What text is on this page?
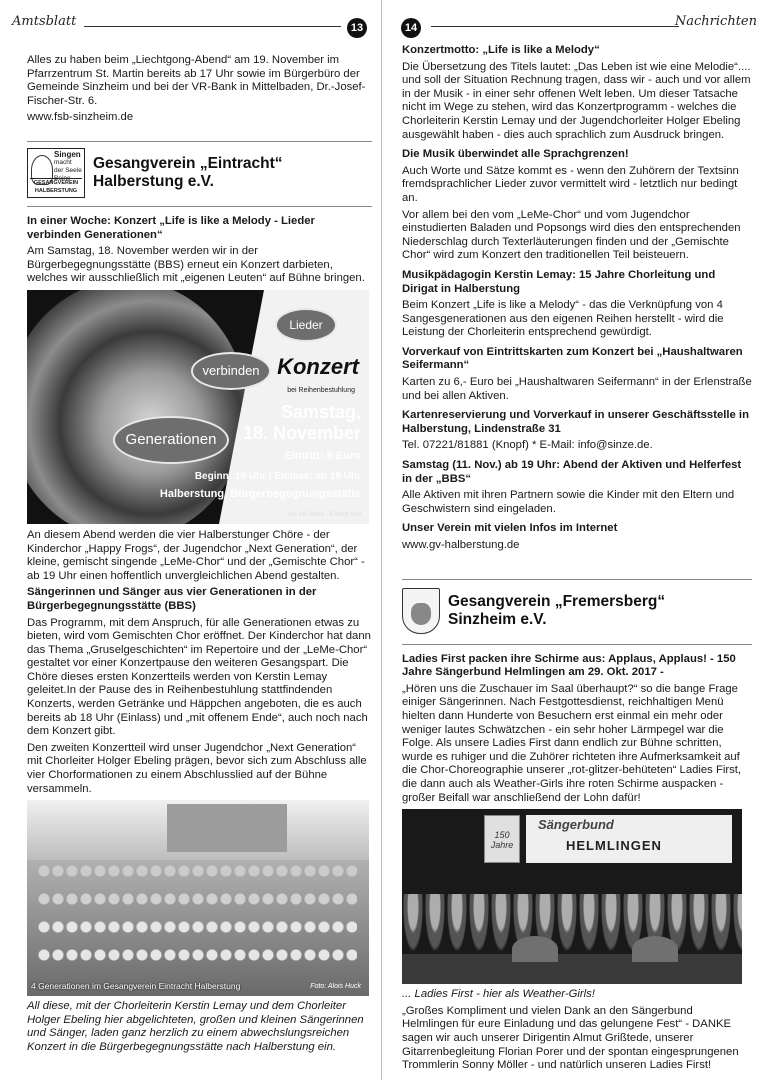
Amtsblatt	13

Alles zu haben beim „Liechtgong-Abend“ am 19. November im Pfarrzentrum St. Martin bereits ab 17 Uhr sowie im Bürgerbüro der Gemeinde Sinzheim und bei der VR-Bank in Mittelbaden, Dr.-Josef-Fischer-Str. 6.

www.fsb-sinzheim.de

Singen
macht der Seele Beine
GESANGVEREIN HALBERSTUNG
Gesangverein „Eintracht“
Halberstung e.V.

In einer Woche: Konzert „Life is like a Melody - Lieder verbinden Generationen“

Am Samstag, 18. November werden wir in der Bürgerbegegnungsstätte (BBS) erneut ein Konzert darbieten, welches wir ausschließlich mit „eigenen Leuten“ auf Bühne bringen.

Lieder
verbinden
Generationen
Konzert
bei Reihenbestuhlung
Samstag,
18. November
Eintritt: 6 Euro
Beginn: 19 Uhr | Einlass: ab 18 Uhr
Halberstung, Bürgerbegegnungsstätte
bis 18 Jahre - Eintritt frei!

An diesem Abend werden die vier Halberstunger Chöre - der Kinderchor „Happy Frogs“, der Jugendchor „Next Generation“, der kleine, gemischt singende „LeMe-Chor“ und der „Gemischte Chor“ - ab 19 Uhr einen hoffentlich unvergleichlichen Abend gestalten.

Sängerinnen und Sänger aus vier Generationen in der Bürgerbegegnungsstätte (BBS)

Das Programm, mit dem Anspruch, für alle Generationen etwas zu bieten, wird vom Gemischten Chor eröffnet. Der Kinderchor hat dann das Thema „Gruselgeschichten“ im Repertoire und der „LeMe-Chor“ gestaltet vor einer Konzertpause den weiteren Gesangspart. Die Chöre dieses ersten Konzertteils werden von Kerstin Lemay geleitet.In der Pause des in Reihenbestuhlung stattfindenden Konzerts, werden Getränke und Häppchen angeboten, die es auch bereits ab 18 Uhr (Einlass) und „mit offenem Ende“, auch noch nach dem Konzert gibt.

Den zweiten Konzertteil wird unser Jugendchor „Next Generation“ mit Chorleiter Holger Ebeling prägen, bevor sich zum Abschluss alle vier Chorformationen zu einem Abschlusslied auf der Bühne versammeln.

4 Generationen im Gesangverein Eintracht Halberstung	Foto: Alois Huck

All diese, mit der Chorleiterin Kerstin Lemay und dem Chorleiter Holger Ebeling hier abgelichteten, großen und kleinen Sängerinnen und Sänger, laden ganz herzlich zu einem abwechslungsreichen Konzert in die Bürgerbegegnungsstätte nach Halberstung ein.

14	Nachrichten

Konzertmotto: „Life is like a Melody“

Die Übersetzung des Titels lautet: „Das Leben ist wie eine Melodie“.... und soll der Situation Rechnung tragen, dass wir - auch und vor allem in der Musik - in einer sehr offenen Welt leben. Um dieser Tatsache nicht im Wege zu stehen, wird das Konzertprogramm - welches die Chorleiterin Kerstin Lemay und der Jugendchorleiter Holger Ebeling ausgewählt haben - dies auch sprachlich zum Ausdruck bringen.

Die Musik überwindet alle Sprachgrenzen!

Auch Worte und Sätze kommt es - wenn den Zuhörern der Textsinn fremdsprachlicher Lieder zuvor vermittelt wird - letztlich nur bedingt an.

Vor allem bei den vom „LeMe-Chor“ und vom Jugendchor einstudierten Baladen und Popsongs wird dies den entsprechenden Niederschlag durch Texterläuterungen finden und der „Gemischte Chor“ wird zum Konzert den traditionellen Teil beisteuern.

Musikpädagogin Kerstin Lemay: 15 Jahre Chorleitung und Dirigat in Halberstung

Beim Konzert „Life is like a Melody“ - das die Verknüpfung von 4 Sangesgenerationen aus den eigenen Reihen herstellt - wird die Leistung der Chorleiterin entsprechend gewürdigt.

Vorverkauf von Eintrittskarten zum Konzert bei „Haushaltwaren Seifermann“

Karten zu 6,- Euro bei „Haushaltwaren Seifermann“ in der Erlenstraße und bei allen Aktiven.

Kartenreservierung und Vorverkauf in unserer Geschäftsstelle in Halberstung, Lindenstraße 31

Tel. 07221/81881 (Knopf) * E-Mail: info@sinze.de.

Samstag (11. Nov.) ab 19 Uhr: Abend der Aktiven und Helferfest in der „BBS“

Alle Aktiven mit ihren Partnern sowie die Kinder mit den Eltern und Geschwistern sind eingeladen.

Unser Verein mit vielen Infos im Internet

www.gv-halberstung.de

Gesangverein „Fremersberg“
Sinzheim e.V.

Ladies First packen ihre Schirme aus: Applaus, Applaus! - 150 Jahre Sängerbund Helmlingen am 29. Okt. 2017 -

„Hören uns die Zuschauer im Saal überhaupt?“ so die bange Frage einiger Sängerinnen. Nach Festgottesdienst, reichhaltigen Menü hielten dann Hunderte von Besuchern erst einmal ein mehr oder weniger lautes Schwätzchen - ein sehr hoher Lärmpegel war die Folge. Als unsere Ladies First dann endlich zur Bühne schritten, wurde es ruhiger und die Zuhörer richteten ihre Aufmerksamkeit auf die Chor-Choreographie unserer „rot-glitzer-behüteten“ Ladies First, die dann auch als Weather-Girls ihre roten Schirme auspacken - großer Beifall war anschließend der Lohn dafür!

150 Jahre
Sängerbund
HELMLINGEN

... Ladies First - hier als Weather-Girls!

„Großes Kompliment und vielen Dank an den Sängerbund Helmlingen für eure Einladung und das gelungene Fest“ - DANKE sagen wir auch unserer Dirigentin Almut Grißtede, unserer Gitarrenbegleitung Florian Porer und der spontan eingesprungenen Trommlerin Sonny Möller - und natürlich unseren Ladies First!
